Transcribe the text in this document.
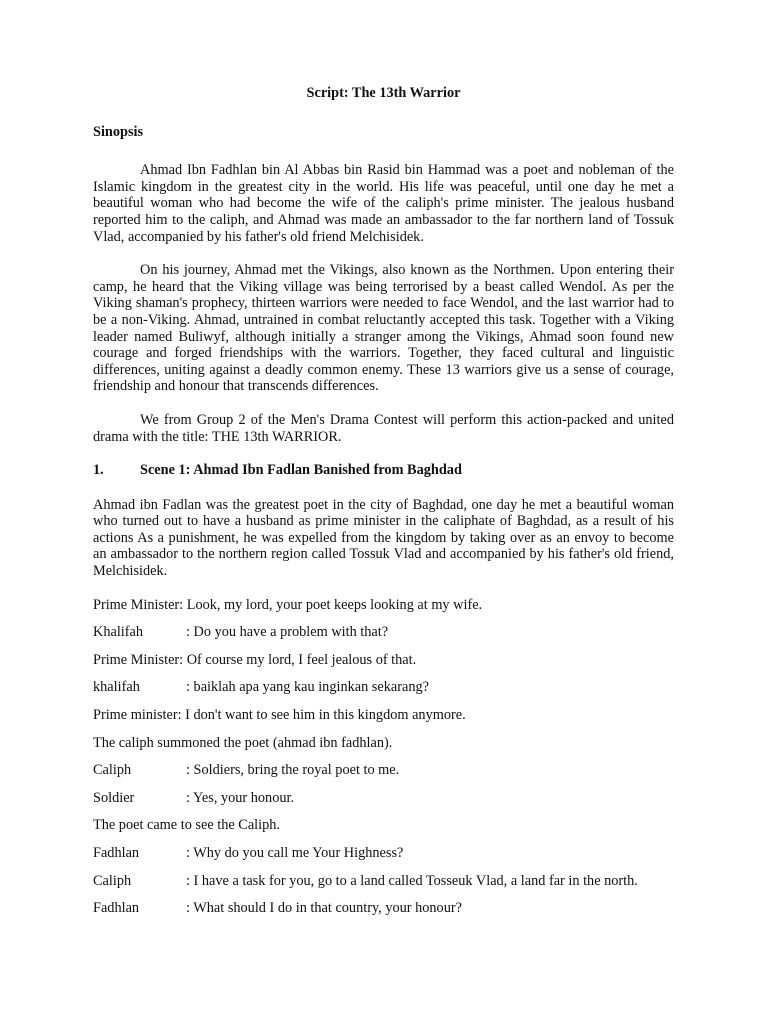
Script: The 13th Warrior
Sinopsis

Ahmad Ibn Fadhlan bin Al Abbas bin Rasid bin Hammad was a poet and nobleman of the Islamic kingdom in the greatest city in the world. His life was peaceful, until one day he met a beautiful woman who had become the wife of the caliph's prime minister. The jealous husband reported him to the caliph, and Ahmad was made an ambassador to the far northern land of Tossuk Vlad, accompanied by his father's old friend Melchisidek.

On his journey, Ahmad met the Vikings, also known as the Northmen. Upon entering their camp, he heard that the Viking village was being terrorised by a beast called Wendol. As per the Viking shaman's prophecy, thirteen warriors were needed to face Wendol, and the last warrior had to be a non-Viking. Ahmad, untrained in combat reluctantly accepted this task. Together with a Viking leader named Buliwyf, although initially a stranger among the Vikings, Ahmad soon found new courage and forged friendships with the warriors. Together, they faced cultural and linguistic differences, uniting against a deadly common enemy. These 13 warriors give us a sense of courage, friendship and honour that transcends differences.

We from Group 2 of the Men's Drama Contest will perform this action-packed and united drama with the title: THE 13th WARRIOR.

1.	Scene 1: Ahmad Ibn Fadlan Banished from Baghdad

Ahmad ibn Fadlan was the greatest poet in the city of Baghdad, one day he met a beautiful woman who turned out to have a husband as prime minister in the caliphate of Baghdad, as a result of his actions As a punishment, he was expelled from the kingdom by taking over as an envoy to become an ambassador to the northern region called Tossuk Vlad and accompanied by his father's old friend, Melchisidek.

Prime Minister: Look, my lord, your poet keeps looking at my wife.
Khalifah	: Do you have a problem with that?
Prime Minister: Of course my lord, I feel jealous of that.
khalifah	: baiklah apa yang kau inginkan sekarang?
Prime minister: I don't want to see him in this kingdom anymore.
The caliph summoned the poet (ahmad ibn fadhlan).
Caliph	: Soldiers, bring the royal poet to me.
Soldier	: Yes, your honour.
The poet came to see the Caliph.
Fadhlan	: Why do you call me Your Highness?
Caliph	: I have a task for you, go to a land called Tosseuk Vlad, a land far in the north.
Fadhlan	: What should I do in that country, your honour?
